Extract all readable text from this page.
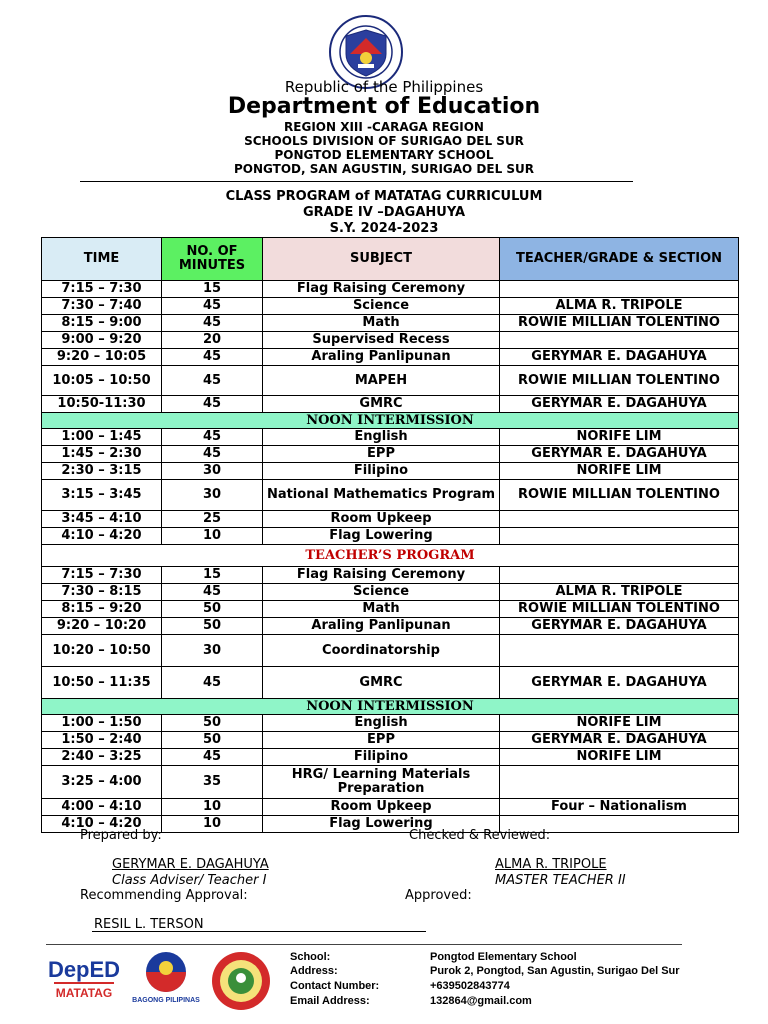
Republic of the Philippines
Department of Education
REGION XIII -CARAGA REGION
SCHOOLS DIVISION OF SURIGAO DEL SUR
PONGTOD ELEMENTARY SCHOOL
PONGTOD, SAN AGUSTIN, SURIGAO DEL SUR
CLASS PROGRAM of MATATAG CURRICULUM
GRADE IV –DAGAHUYA
S.Y. 2024-2023
TIME	NO. OF MINUTES	SUBJECT	TEACHER/GRADE & SECTION
7:15 – 7:30	15	Flag Raising Ceremony	
7:30 – 7:40	45	Science	ALMA R. TRIPOLE
8:15 – 9:00	45	Math	ROWIE MILLIAN TOLENTINO
9:00 – 9:20	20	Supervised Recess	
9:20 – 10:05	45	Araling Panlipunan	GERYMAR E. DAGAHUYA
10:05 – 10:50	45	MAPEH	ROWIE MILLIAN TOLENTINO
10:50-11:30	45	GMRC	GERYMAR E. DAGAHUYA
NOON INTERMISSION			
1:00 – 1:45	45	English	NORIFE LIM
1:45 – 2:30	45	EPP	GERYMAR E. DAGAHUYA
2:30 – 3:15	30	Filipino	NORIFE LIM
3:15 – 3:45	30	National Mathematics Program	ROWIE MILLIAN TOLENTINO
3:45 – 4:10	25	Room Upkeep	
4:10 – 4:20	10	Flag Lowering	
TEACHER’S PROGRAM			
7:15 – 7:30	15	Flag Raising Ceremony	
7:30 – 8:15	45	Science	ALMA R. TRIPOLE
8:15 – 9:20	50	Math	ROWIE MILLIAN TOLENTINO
9:20 – 10:20	50	Araling Panlipunan	GERYMAR E. DAGAHUYA
10:20 – 10:50	30	Coordinatorship	
10:50 – 11:35	45	GMRC	GERYMAR E. DAGAHUYA
NOON INTERMISSION			
1:00 – 1:50	50	English	NORIFE LIM
1:50 – 2:40	50	EPP	GERYMAR E. DAGAHUYA
2:40 – 3:25	45	Filipino	NORIFE LIM
3:25 – 4:00	35	HRG/ Learning Materials Preparation	
4:00 – 4:10	10	Room Upkeep	Four – Nationalism
4:10 – 4:20	10	Flag Lowering	
Prepared by:	Checked & Reviewed:
GERYMAR E. DAGAHUYA
Class Adviser/ Teacher I
ALMA R. TRIPOLE
MASTER TEACHER II
Recommending Approval:	Approved:
RESIL L. TERSON
DepED
MATATAG
BAGONG PILIPINAS
School:	Pongtod Elementary School
Address:	Purok 2, Pongtod, San Agustin, Surigao Del Sur
Contact Number:	+639502843774
Email Address:	132864@gmail.com
